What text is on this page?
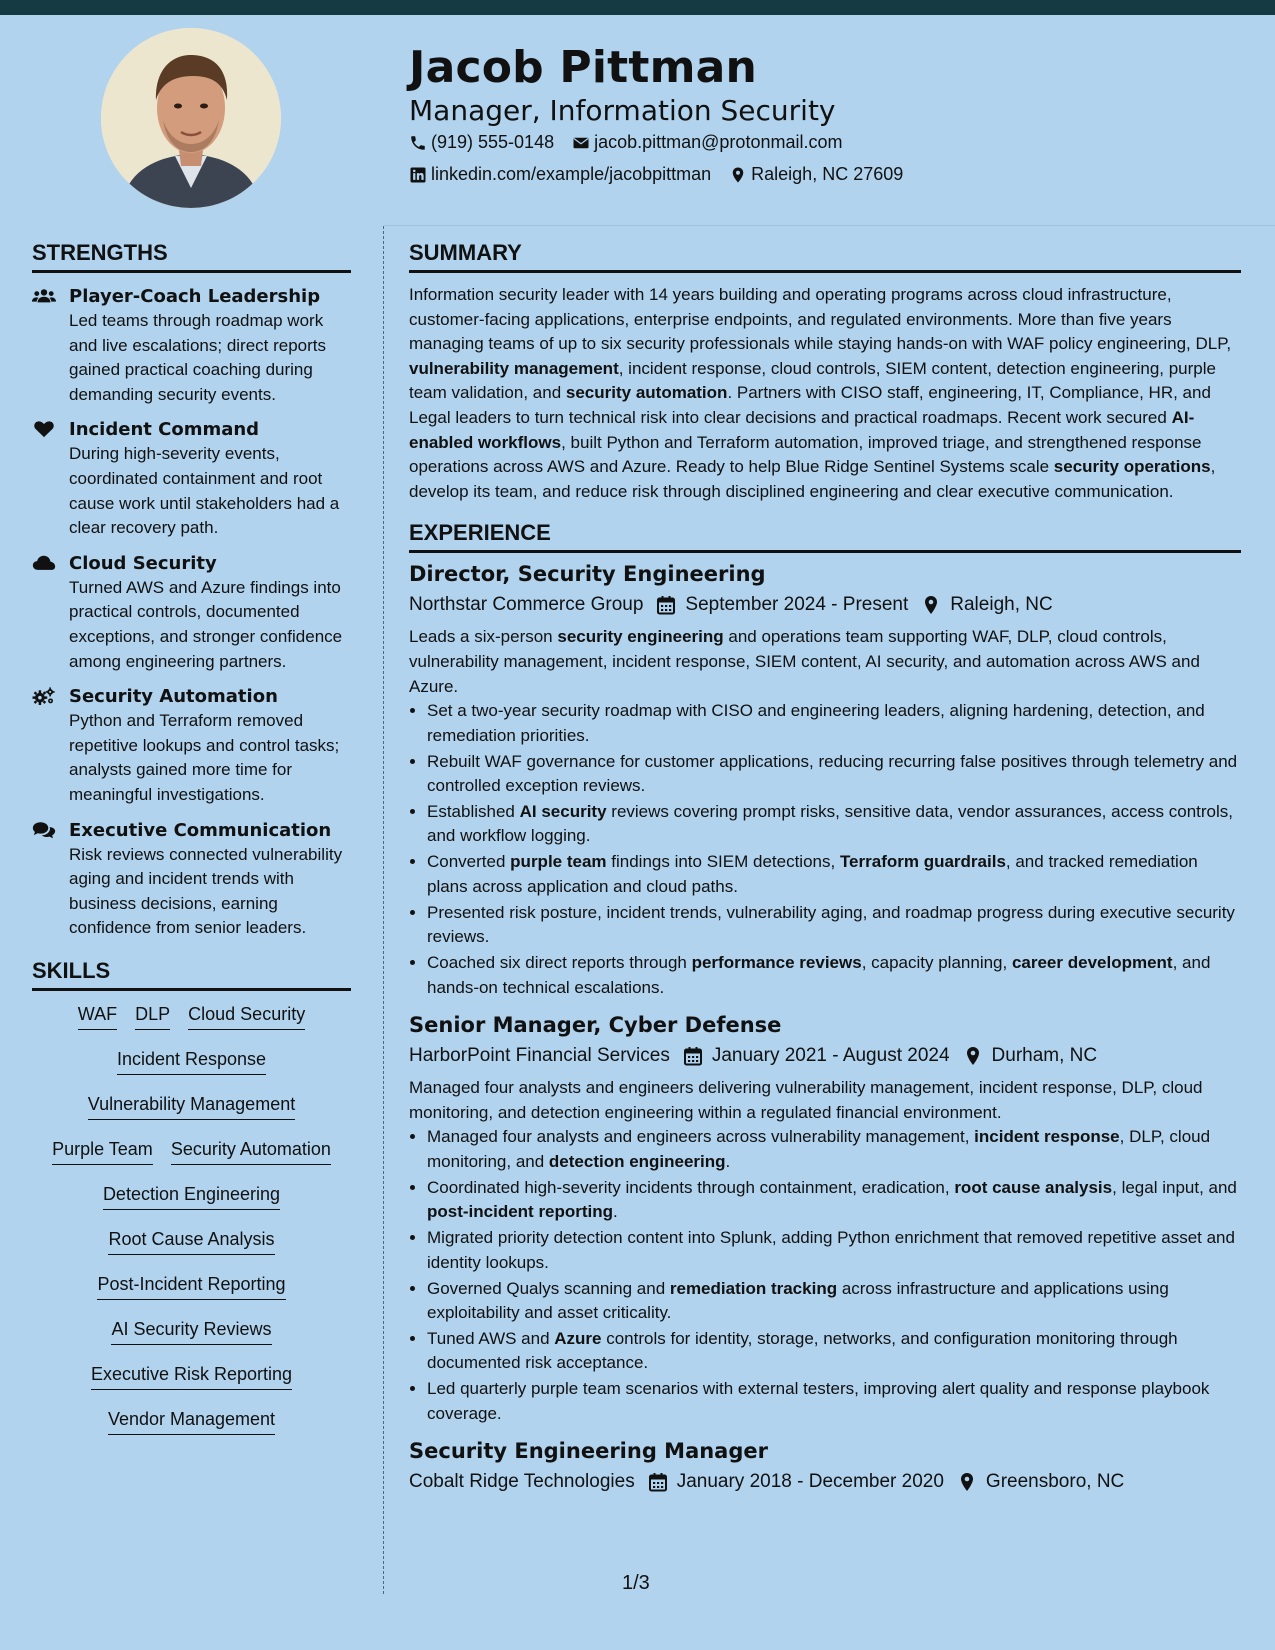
Jacob Pittman
Manager, Information Security
(919) 555-0148 jacob.pittman@protonmail.com
linkedin.com/example/jacobpittman Raleigh, NC 27609
STRENGTHS
Player-Coach Leadership
Led teams through roadmap work and live escalations; direct reports gained practical coaching during demanding security events.
Incident Command
During high-severity events, coordinated containment and root cause work until stakeholders had a clear recovery path.
Cloud Security
Turned AWS and Azure findings into practical controls, documented exceptions, and stronger confidence among engineering partners.
Security Automation
Python and Terraform removed repetitive lookups and control tasks; analysts gained more time for meaningful investigations.
Executive Communication
Risk reviews connected vulnerability aging and incident trends with business decisions, earning confidence from senior leaders.
SKILLS
WAF DLP Cloud Security
Incident Response
Vulnerability Management
Purple Team Security Automation
Detection Engineering
Root Cause Analysis
Post-Incident Reporting
AI Security Reviews
Executive Risk Reporting
Vendor Management
SUMMARY
Information security leader with 14 years building and operating programs across cloud infrastructure, customer-facing applications, enterprise endpoints, and regulated environments. More than five years managing teams of up to six security professionals while staying hands-on with WAF policy engineering, DLP, vulnerability management, incident response, cloud controls, SIEM content, detection engineering, purple team validation, and security automation. Partners with CISO staff, engineering, IT, Compliance, HR, and Legal leaders to turn technical risk into clear decisions and practical roadmaps. Recent work secured AI-enabled workflows, built Python and Terraform automation, improved triage, and strengthened response operations across AWS and Azure. Ready to help Blue Ridge Sentinel Systems scale security operations, develop its team, and reduce risk through disciplined engineering and clear executive communication.
EXPERIENCE
Director, Security Engineering
Northstar Commerce Group September 2024 - Present Raleigh, NC
Leads a six-person security engineering and operations team supporting WAF, DLP, cloud controls, vulnerability management, incident response, SIEM content, AI security, and automation across AWS and Azure.
• Set a two-year security roadmap with CISO and engineering leaders, aligning hardening, detection, and remediation priorities.
• Rebuilt WAF governance for customer applications, reducing recurring false positives through telemetry and controlled exception reviews.
• Established AI security reviews covering prompt risks, sensitive data, vendor assurances, access controls, and workflow logging.
• Converted purple team findings into SIEM detections, Terraform guardrails, and tracked remediation plans across application and cloud paths.
• Presented risk posture, incident trends, vulnerability aging, and roadmap progress during executive security reviews.
• Coached six direct reports through performance reviews, capacity planning, career development, and hands-on technical escalations.
Senior Manager, Cyber Defense
HarborPoint Financial Services January 2021 - August 2024 Durham, NC
Managed four analysts and engineers delivering vulnerability management, incident response, DLP, cloud monitoring, and detection engineering within a regulated financial environment.
• Managed four analysts and engineers across vulnerability management, incident response, DLP, cloud monitoring, and detection engineering.
• Coordinated high-severity incidents through containment, eradication, root cause analysis, legal input, and post-incident reporting.
• Migrated priority detection content into Splunk, adding Python enrichment that removed repetitive asset and identity lookups.
• Governed Qualys scanning and remediation tracking across infrastructure and applications using exploitability and asset criticality.
• Tuned AWS and Azure controls for identity, storage, networks, and configuration monitoring through documented risk acceptance.
• Led quarterly purple team scenarios with external testers, improving alert quality and response playbook coverage.
Security Engineering Manager
Cobalt Ridge Technologies January 2018 - December 2020 Greensboro, NC
1/3
